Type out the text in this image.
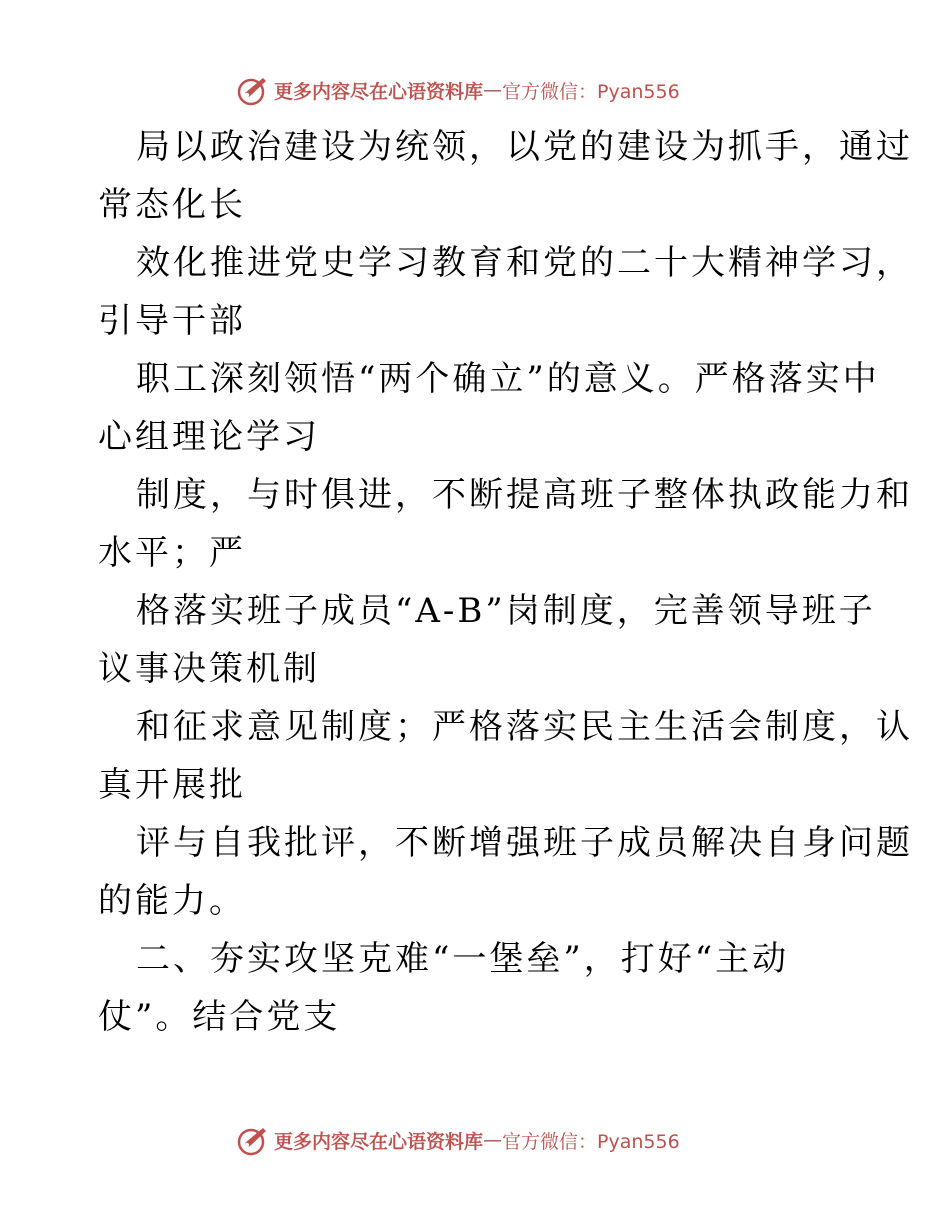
更多内容尽在心语资料库 — 官方微信：Pyan556

局以政治建设为统领，以党的建设为抓手，通过
常态化长

效化推进党史学习教育和党的二十大精神学习，
引导干部

职工深刻领悟“两个确立”的意义。严格落实中
心组理论学习

制度，与时俱进，不断提高班子整体执政能力和
水平；严

格落实班子成员“A-B”岗制度，完善领导班子
议事决策机制

和征求意见制度；严格落实民主生活会制度，认
真开展批

评与自我批评，不断增强班子成员解决自身问题
的能力。

二、夯实攻坚克难“一堡垒”，打好“主动
仗”。结合党支

更多内容尽在心语资料库 — 官方微信：Pyan556
